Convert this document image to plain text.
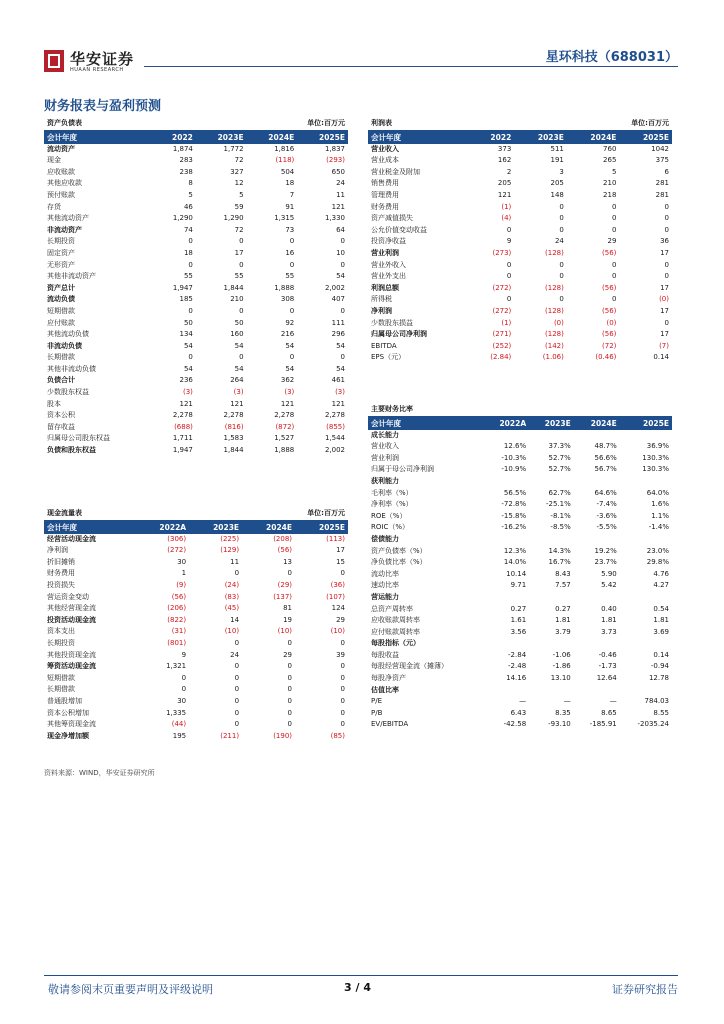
华安证券
HUAAN RESEARCH
星环科技（688031）
财务报表与盈利预测
资产负债表			单位:百万元	
会计年度	2022	2023E	2024E	2025E
流动资产	1,874	1,772	1,816	1,837
现金	283	72	(118)	(293)
应收账款	238	327	504	650
其他应收款	8	12	18	24
预付账款	5	5	7	11
存货	46	59	91	121
其他流动资产	1,290	1,290	1,315	1,330
非流动资产	74	72	73	64
长期投资	0	0	0	0
固定资产	18	17	16	10
无形资产	0	0	0	0
其他非流动资产	55	55	55	54
资产总计	1,947	1,844	1,888	2,002
流动负债	185	210	308	407
短期借款	0	0	0	0
应付账款	50	50	92	111
其他流动负债	134	160	216	296
非流动负债	54	54	54	54
长期借款	0	0	0	0
其他非流动负债	54	54	54	54
负债合计	236	264	362	461
少数股东权益	(3)	(3)	(3)	(3)
股本	121	121	121	121
资本公积	2,278	2,278	2,278	2,278
留存收益	(688)	(816)	(872)	(855)
归属母公司股东权益	1,711	1,583	1,527	1,544
负债和股东权益	1,947	1,844	1,888	2,002
利润表			单位:百万元	
会计年度	2022	2023E	2024E	2025E
营业收入	373	511	760	1042
营业成本	162	191	265	375
营业税金及附加	2	3	5	6
销售费用	205	205	210	281
管理费用	121	148	218	281
财务费用	(1)	0	0	0
资产减值损失	(4)	0	0	0
公允价值变动收益	0	0	0	0
投资净收益	9	24	29	36
营业利润	(273)	(128)	(56)	17
营业外收入	0	0	0	0
营业外支出	0	0	0	0
利润总额	(272)	(128)	(56)	17
所得税	0	0	0	(0)
净利润	(272)	(128)	(56)	17
少数股东损益	(1)	(0)	(0)	0
归属母公司净利润	(271)	(128)	(56)	17
EBITDA	(252)	(142)	(72)	(7)
EPS（元）	(2.84)	(1.06)	(0.46)	0.14
现金流量表			单位:百万元	
会计年度	2022A	2023E	2024E	2025E
经营活动现金流	(306)	(225)	(208)	(113)
净利润	(272)	(129)	(56)	17
折旧摊销	30	11	13	15
财务费用	1	0	0	0
投资损失	(9)	(24)	(29)	(36)
营运资金变动	(56)	(83)	(137)	(107)
其他经营现金流	(206)	(45)	81	124
投资活动现金流	(822)	14	19	29
资本支出	(31)	(10)	(10)	(10)
长期投资	(801)	0	0	0
其他投资现金流	9	24	29	39
筹资活动现金流	1,321	0	0	0
短期借款	0	0	0	0
长期借款	0	0	0	0
普通股增加	30	0	0	0
资本公积增加	1,335	0	0	0
其他筹资现金流	(44)	0	0	0
现金净增加额	195	(211)	(190)	(85)
主要财务比率				
会计年度	2022A	2023E	2024E	2025E
成长能力				
营业收入	12.6%	37.3%	48.7%	36.9%
营业利润	-10.3%	52.7%	56.6%	130.3%
归属于母公司净利润	-10.9%	52.7%	56.7%	130.3%
获利能力				
毛利率（%）	56.5%	62.7%	64.6%	64.0%
净利率（%）	-72.8%	-25.1%	-7.4%	1.6%
ROE（%）	-15.8%	-8.1%	-3.6%	1.1%
ROIC（%）	-16.2%	-8.5%	-5.5%	-1.4%
偿债能力				
资产负债率（%）	12.3%	14.3%	19.2%	23.0%
净负债比率（%）	14.0%	16.7%	23.7%	29.8%
流动比率	10.14	8.43	5.90	4.76
速动比率	9.71	7.57	5.42	4.27
营运能力				
总资产周转率	0.27	0.27	0.40	0.54
应收账款周转率	1.61	1.81	1.81	1.81
应付账款周转率	3.56	3.79	3.73	3.69
每股指标（元）				
每股收益	-2.84	-1.06	-0.46	0.14
每股经营现金流（摊薄）	-2.48	-1.86	-1.73	-0.94
每股净资产	14.16	13.10	12.64	12.78
估值比率				
P/E	—	—	—	784.03
P/B	6.43	8.35	8.65	8.55
EV/EBITDA	-42.58	-93.10	-185.91	-2035.24
资料来源：WIND，华安证券研究所
敬请参阅末页重要声明及评级说明	3 / 4	证券研究报告
